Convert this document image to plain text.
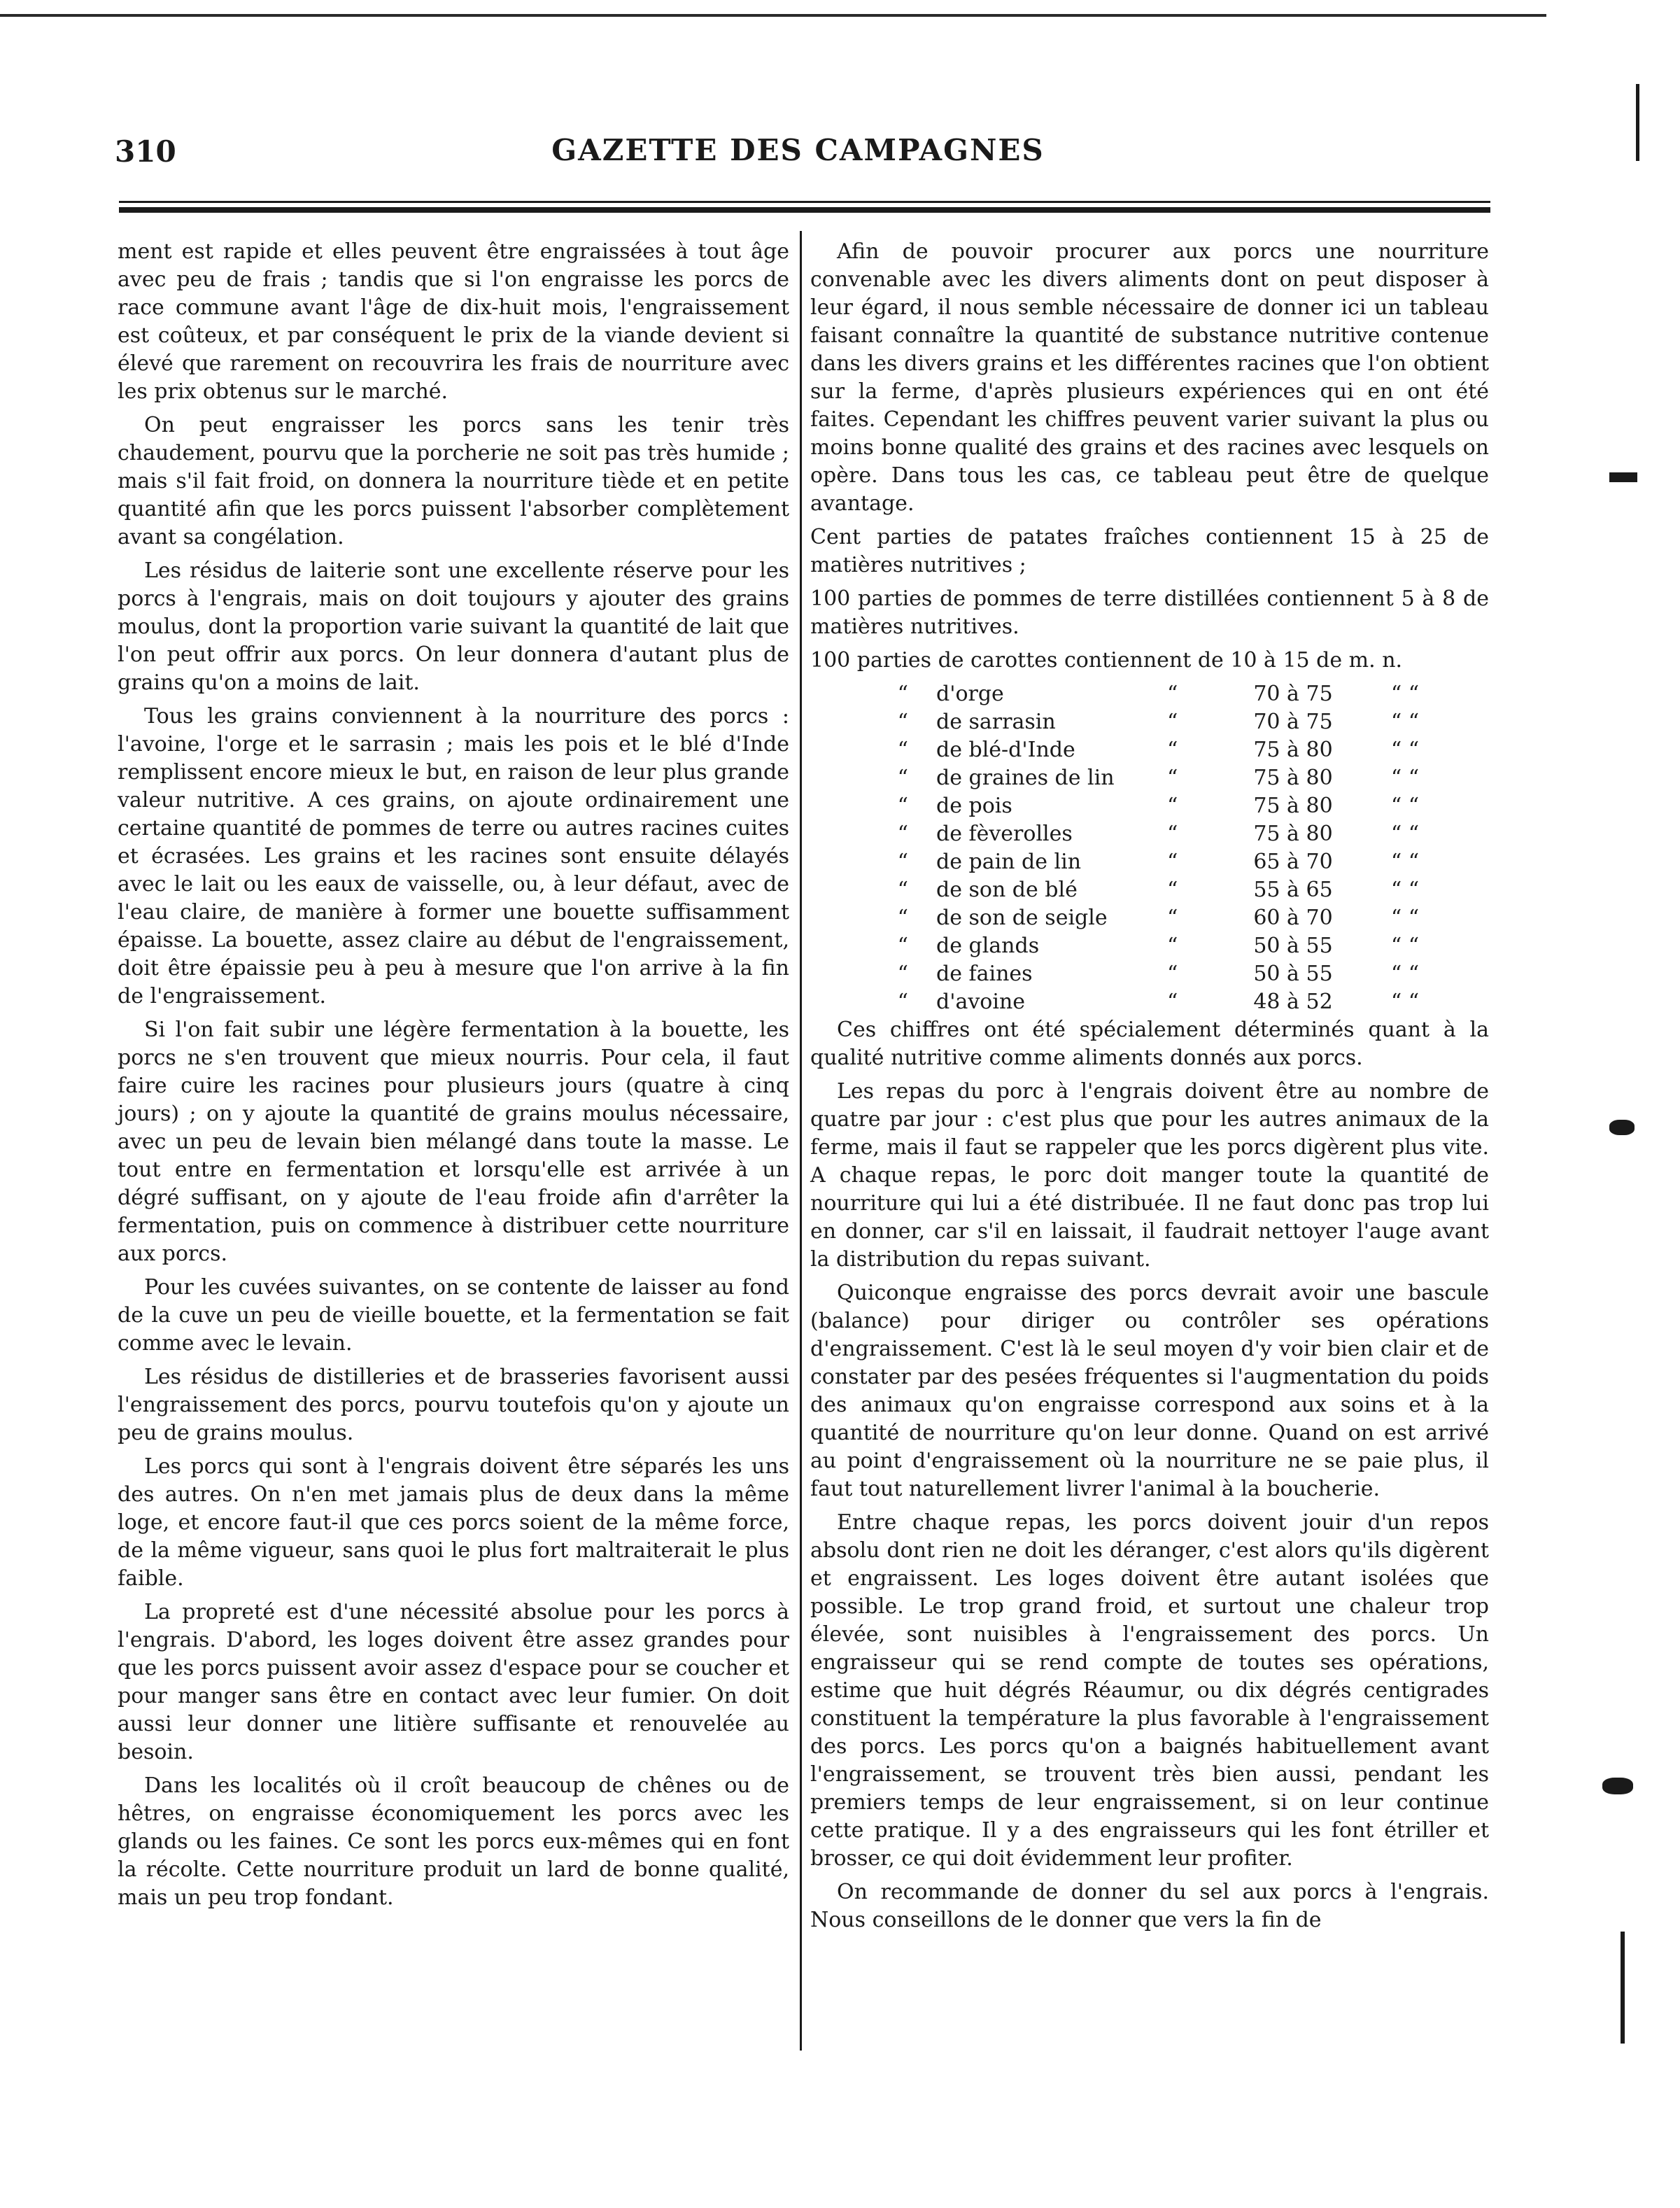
310	GAZETTE DES CAMPAGNES

ment est rapide et elles peuvent être engraissées à tout âge avec peu de frais ; tandis que si l'on engraisse les porcs de race commune avant l'âge de dix-huit mois, l'engraissement est coûteux, et par conséquent le prix de la viande devient si élevé que rarement on recouvrira les frais de nourriture avec les prix obtenus sur le marché.

On peut engraisser les porcs sans les tenir très chaudement, pourvu que la porcherie ne soit pas très humide ; mais s'il fait froid, on donnera la nourriture tiède et en petite quantité afin que les porcs puissent l'absorber complètement avant sa congélation.

Les résidus de laiterie sont une excellente réserve pour les porcs à l'engrais, mais on doit toujours y ajouter des grains moulus, dont la proportion varie suivant la quantité de lait que l'on peut offrir aux porcs. On leur donnera d'autant plus de grains qu'on a moins de lait.

Tous les grains conviennent à la nourriture des porcs : l'avoine, l'orge et le sarrasin ; mais les pois et le blé d'Inde remplissent encore mieux le but, en raison de leur plus grande valeur nutritive. A ces grains, on ajoute ordinairement une certaine quantité de pommes de terre ou autres racines cuites et écrasées. Les grains et les racines sont ensuite délayés avec le lait ou les eaux de vaisselle, ou, à leur défaut, avec de l'eau claire, de manière à former une bouette suffisamment épaisse. La bouette, assez claire au début de l'engraissement, doit être épaissie peu à peu à mesure que l'on arrive à la fin de l'engraissement.

Si l'on fait subir une légère fermentation à la bouette, les porcs ne s'en trouvent que mieux nourris. Pour cela, il faut faire cuire les racines pour plusieurs jours (quatre à cinq jours) ; on y ajoute la quantité de grains moulus nécessaire, avec un peu de levain bien mélangé dans toute la masse. Le tout entre en fermentation et lorsqu'elle est arrivée à un dégré suffisant, on y ajoute de l'eau froide afin d'arrêter la fermentation, puis on commence à distribuer cette nourriture aux porcs.

Pour les cuvées suivantes, on se contente de laisser au fond de la cuve un peu de vieille bouette, et la fermentation se fait comme avec le levain.

Les résidus de distilleries et de brasseries favorisent aussi l'engraissement des porcs, pourvu toutefois qu'on y ajoute un peu de grains moulus.

Les porcs qui sont à l'engrais doivent être séparés les uns des autres. On n'en met jamais plus de deux dans la même loge, et encore faut-il que ces porcs soient de la même force, de la même vigueur, sans quoi le plus fort maltraiterait le plus faible.

La propreté est d'une nécessité absolue pour les porcs à l'engrais. D'abord, les loges doivent être assez grandes pour que les porcs puissent avoir assez d'espace pour se coucher et pour manger sans être en contact avec leur fumier. On doit aussi leur donner une litière suffisante et renouvelée au besoin.

Dans les localités où il croît beaucoup de chênes ou de hêtres, on engraisse économiquement les porcs avec les glands ou les faines. Ce sont les porcs eux-mêmes qui en font la récolte. Cette nourriture produit un lard de bonne qualité, mais un peu trop fondant.

Afin de pouvoir procurer aux porcs une nourriture convenable avec les divers aliments dont on peut disposer à leur égard, il nous semble nécessaire de donner ici un tableau faisant connaître la quantité de substance nutritive contenue dans les divers grains et les différentes racines que l'on obtient sur la ferme, d'après plusieurs expériences qui en ont été faites. Cependant les chiffres peuvent varier suivant la plus ou moins bonne qualité des grains et des racines avec lesquels on opère. Dans tous les cas, ce tableau peut être de quelque avantage.

Cent parties de patates fraîches contiennent 15 à 25 de matières nutritives ;

100 parties de pommes de terre distillées contiennent 5 à 8 de matières nutritives.

100 parties de carottes contiennent de 10 à 15 de m. n.

“	d'orge	“	70 à 75	“ “
“	de sarrasin	“	70 à 75	“ “
“	de blé-d'Inde	“	75 à 80	“ “
“	de graines de lin	“	75 à 80	“ “
“	de pois	“	75 à 80	“ “
“	de fèverolles	“	75 à 80	“ “
“	de pain de lin	“	65 à 70	“ “
“	de son de blé	“	55 à 65	“ “
“	de son de seigle	“	60 à 70	“ “
“	de glands	“	50 à 55	“ “
“	de faines	“	50 à 55	“ “
“	d'avoine	“	48 à 52	“ “

Ces chiffres ont été spécialement déterminés quant à la qualité nutritive comme aliments donnés aux porcs.

Les repas du porc à l'engrais doivent être au nombre de quatre par jour : c'est plus que pour les autres animaux de la ferme, mais il faut se rappeler que les porcs digèrent plus vite. A chaque repas, le porc doit manger toute la quantité de nourriture qui lui a été distribuée. Il ne faut donc pas trop lui en donner, car s'il en laissait, il faudrait nettoyer l'auge avant la distribution du repas suivant.

Quiconque engraisse des porcs devrait avoir une bascule (balance) pour diriger ou contrôler ses opérations d'engraissement. C'est là le seul moyen d'y voir bien clair et de constater par des pesées fréquentes si l'augmentation du poids des animaux qu'on engraisse correspond aux soins et à la quantité de nourriture qu'on leur donne. Quand on est arrivé au point d'engraissement où la nourriture ne se paie plus, il faut tout naturellement livrer l'animal à la boucherie.

Entre chaque repas, les porcs doivent jouir d'un repos absolu dont rien ne doit les déranger, c'est alors qu'ils digèrent et engraissent. Les loges doivent être autant isolées que possible. Le trop grand froid, et surtout une chaleur trop élevée, sont nuisibles à l'engraissement des porcs. Un engraisseur qui se rend compte de toutes ses opérations, estime que huit dégrés Réaumur, ou dix dégrés centigrades constituent la température la plus favorable à l'engraissement des porcs. Les porcs qu'on a baignés habituellement avant l'engraissement, se trouvent très bien aussi, pendant les premiers temps de leur engraissement, si on leur continue cette pratique. Il y a des engraisseurs qui les font étriller et brosser, ce qui doit évidemment leur profiter.

On recommande de donner du sel aux porcs à l'engrais. Nous conseillons de le donner que vers la fin de
